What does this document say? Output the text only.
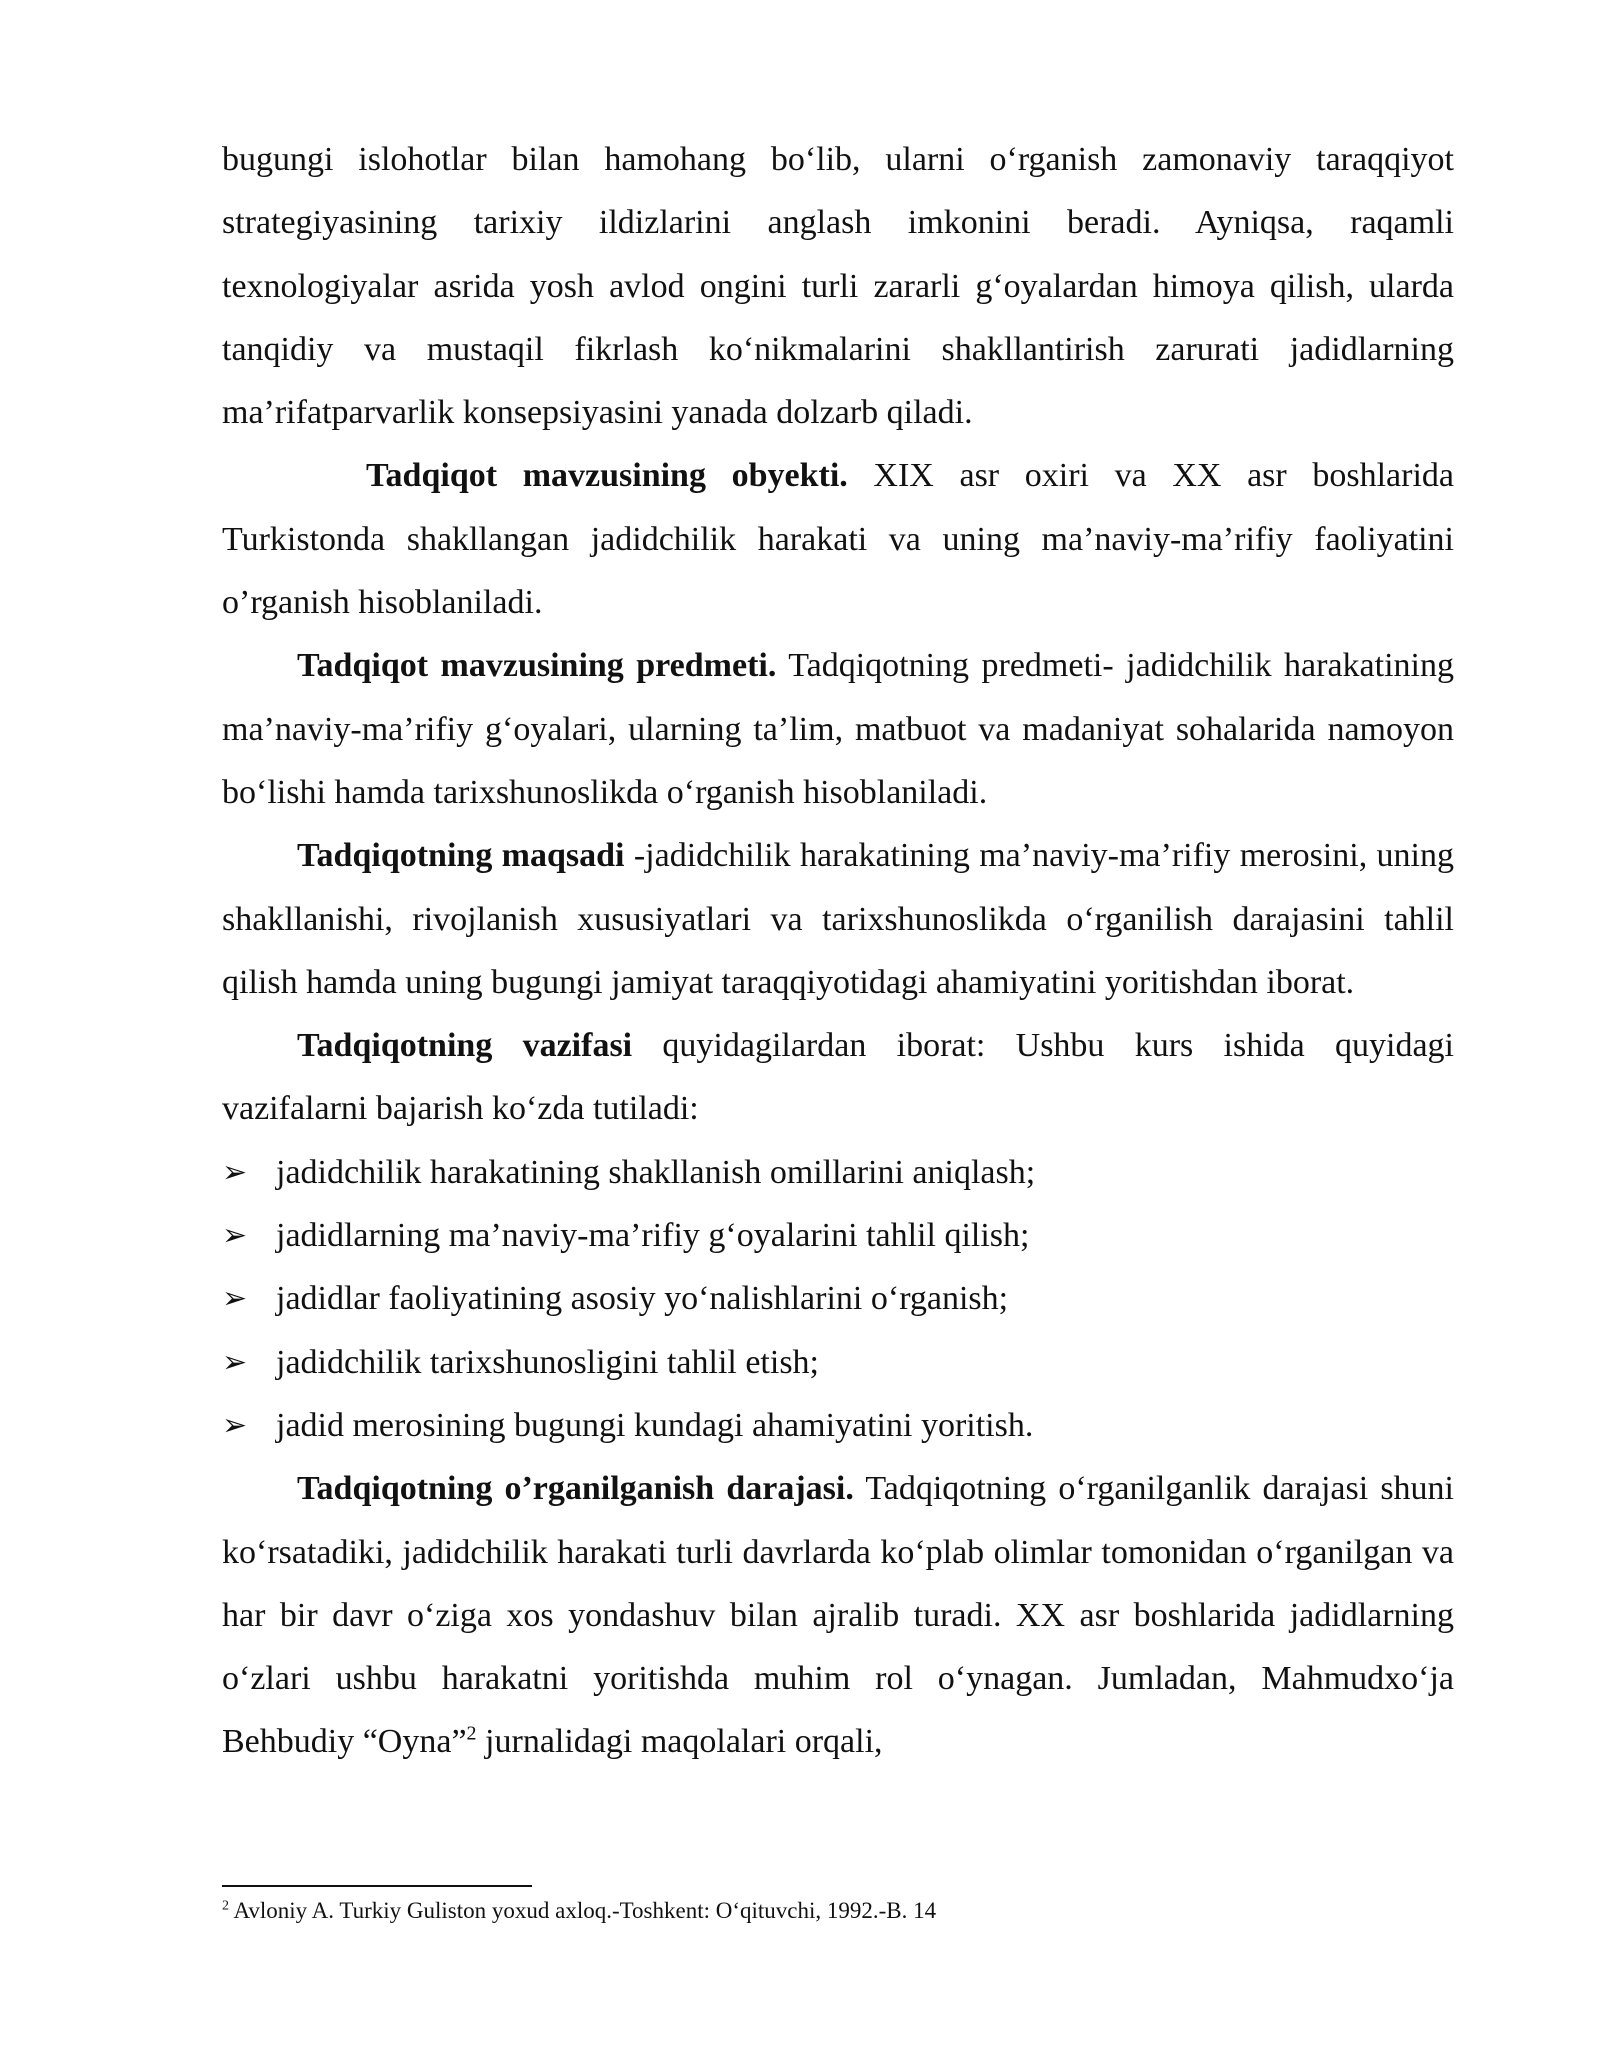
bugungi islohotlar bilan hamohang bo‘lib, ularni o‘rganish zamonaviy taraqqiyot strategiyasining tarixiy ildizlarini anglash imkonini beradi. Ayniqsa, raqamli texnologiyalar asrida yosh avlod ongini turli zararli g‘oyalardan himoya qilish, ularda tanqidiy va mustaqil fikrlash ko‘nikmalarini shakllantirish zarurati jadidlarning ma’rifatparvarlik konsepsiyasini yanada dolzarb qiladi.

Tadqiqot mavzusining obyekti. XIX asr oxiri va XX asr boshlarida Turkistonda shakllangan jadidchilik harakati va uning ma’naviy-ma’rifiy faoliyatini o’rganish hisoblaniladi.

Tadqiqot mavzusining predmeti. Tadqiqotning predmeti- jadidchilik harakatining ma’naviy-ma’rifiy g‘oyalari, ularning ta’lim, matbuot va madaniyat sohalarida namoyon bo‘lishi hamda tarixshunoslikda o‘rganish hisoblaniladi.

Tadqiqotning maqsadi -jadidchilik harakatining ma’naviy-ma’rifiy merosini, uning shakllanishi, rivojlanish xususiyatlari va tarixshunoslikda o‘rganilish darajasini tahlil qilish hamda uning bugungi jamiyat taraqqiyotidagi ahamiyatini yoritishdan iborat.

Tadqiqotning vazifasi quyidagilardan iborat: Ushbu kurs ishida quyidagi vazifalarni bajarish ko‘zda tutiladi:

➢ jadidchilik harakatining shakllanish omillarini aniqlash;
➢ jadidlarning ma’naviy-ma’rifiy g‘oyalarini tahlil qilish;
➢ jadidlar faoliyatining asosiy yo‘nalishlarini o‘rganish;
➢ jadidchilik tarixshunosligini tahlil etish;
➢ jadid merosining bugungi kundagi ahamiyatini yoritish.

Tadqiqotning o’rganilganish darajasi. Tadqiqotning o‘rganilganlik darajasi shuni ko‘rsatadiki, jadidchilik harakati turli davrlarda ko‘plab olimlar tomonidan o‘rganilgan va har bir davr o‘ziga xos yondashuv bilan ajralib turadi. XX asr boshlarida jadidlarning o‘zlari ushbu harakatni yoritishda muhim rol o‘ynagan. Jumladan, Mahmudxo‘ja Behbudiy “Oyna”$^2$ jurnalidagi maqolalari orqali,

$^2$ Avloniy A. Turkiy Guliston yoxud axloq.-Toshkent: O‘qituvchi, 1992.-B. 14
